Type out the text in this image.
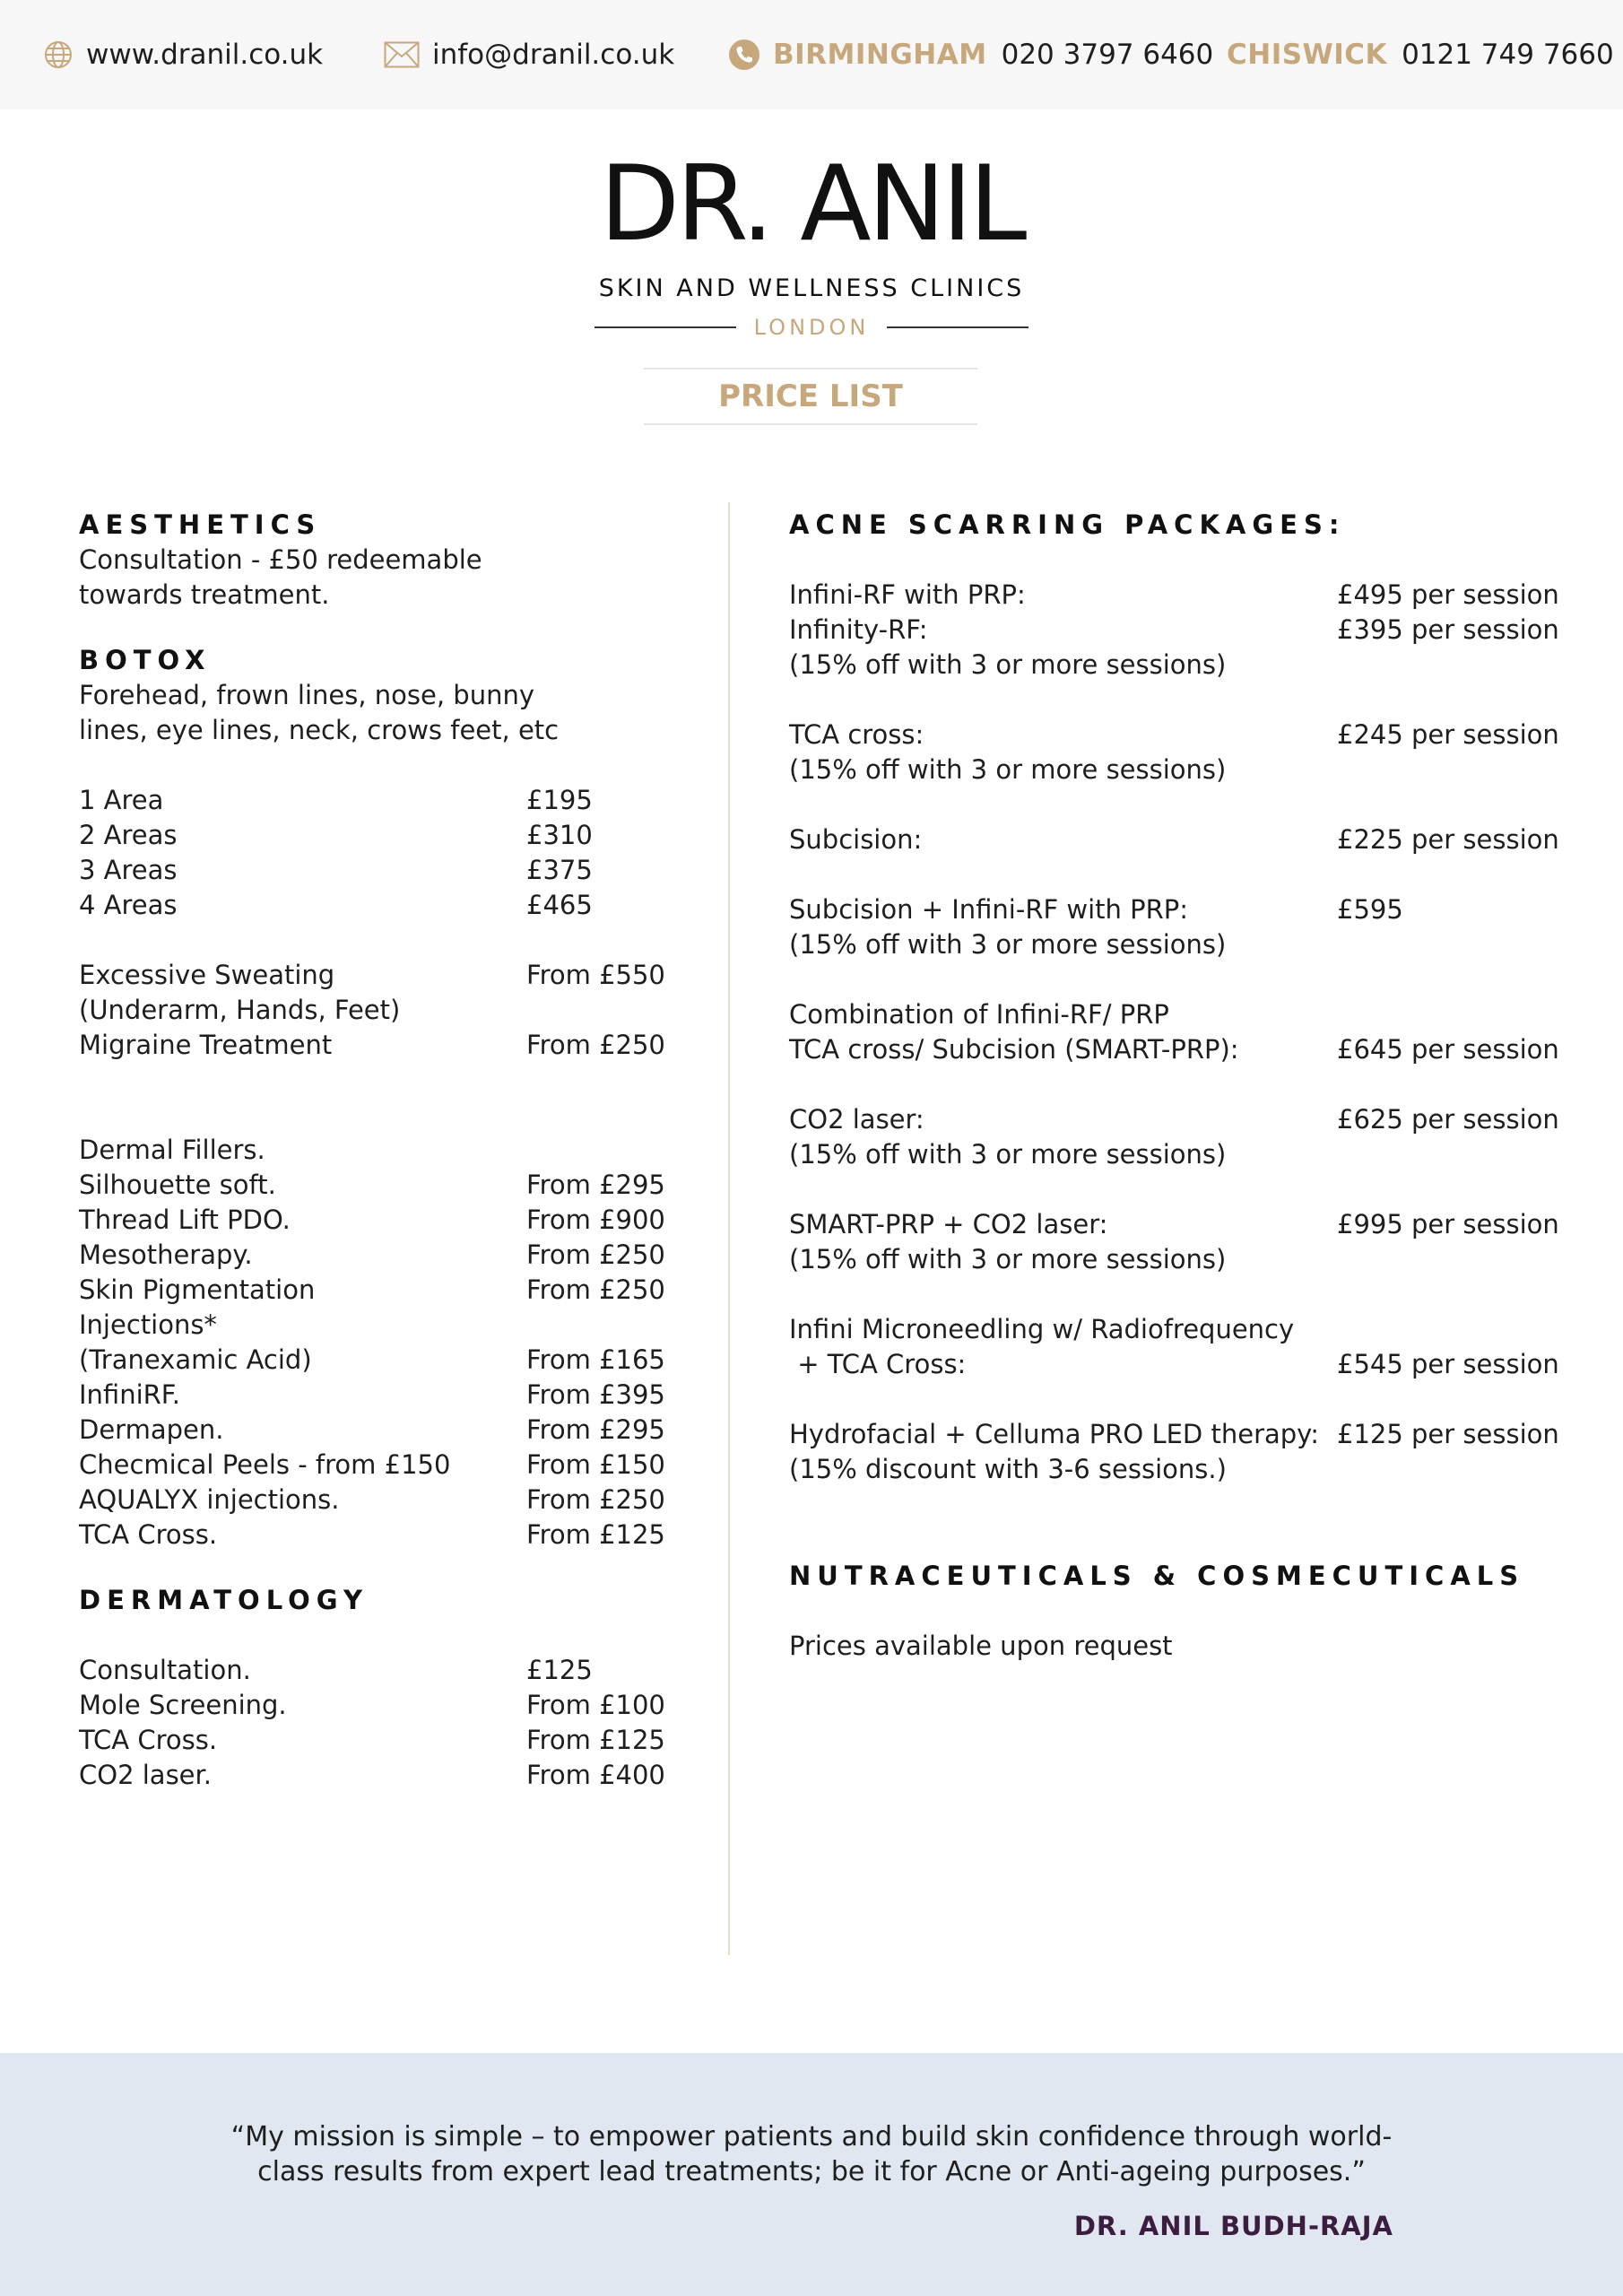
www.dranil.co.uk	info@dranil.co.uk	BIRMINGHAM 020 3797 6460 CHISWICK 0121 749 7660
DR. ANIL
SKIN AND WELLNESS CLINICS
LONDON
PRICE LIST
AESTHETICS
Consultation - £50 redeemable
towards treatment.
BOTOX
Forehead, frown lines, nose, bunny
lines, eye lines, neck, crows feet, etc
1 Area	£195
2 Areas	£310
3 Areas	£375
4 Areas	£465
Excessive Sweating	From £550
(Underarm, Hands, Feet)
Migraine Treatment	From £250
Dermal Fillers.
Silhouette soft.	From £295
Thread Lift PDO.	From £900
Mesotherapy.	From £250
Skin Pigmentation	From £250
Injections*
(Tranexamic Acid)	From £165
InfiniRF.	From £395
Dermapen.	From £295
Checmical Peels - from £150	From £150
AQUALYX injections.	From £250
TCA Cross.	From £125
DERMATOLOGY
Consultation.	£125
Mole Screening.	From £100
TCA Cross.	From £125
CO2 laser.	From £400
ACNE SCARRING PACKAGES:
Infini-RF with PRP:	£495 per session
Infinity-RF:	£395 per session
(15% off with 3 or more sessions)
TCA cross:	£245 per session
(15% off with 3 or more sessions)
Subcision:	£225 per session
Subcision + Infini-RF with PRP:	£595
(15% off with 3 or more sessions)
Combination of Infini-RF/ PRP
TCA cross/ Subcision (SMART-PRP):	£645 per session
CO2 laser:	£625 per session
(15% off with 3 or more sessions)
SMART-PRP + CO2 laser:	£995 per session
(15% off with 3 or more sessions)
Infini Microneedling w/ Radiofrequency
+ TCA Cross:	£545 per session
Hydrofacial + Celluma PRO LED therapy: £125 per session
(15% discount with 3-6 sessions.)
NUTRACEUTICALS & COSMECUTICALS
Prices available upon request
“My mission is simple – to empower patients and build skin confidence through world-
class results from expert lead treatments; be it for Acne or Anti-ageing purposes.”
DR. ANIL BUDH-RAJA
